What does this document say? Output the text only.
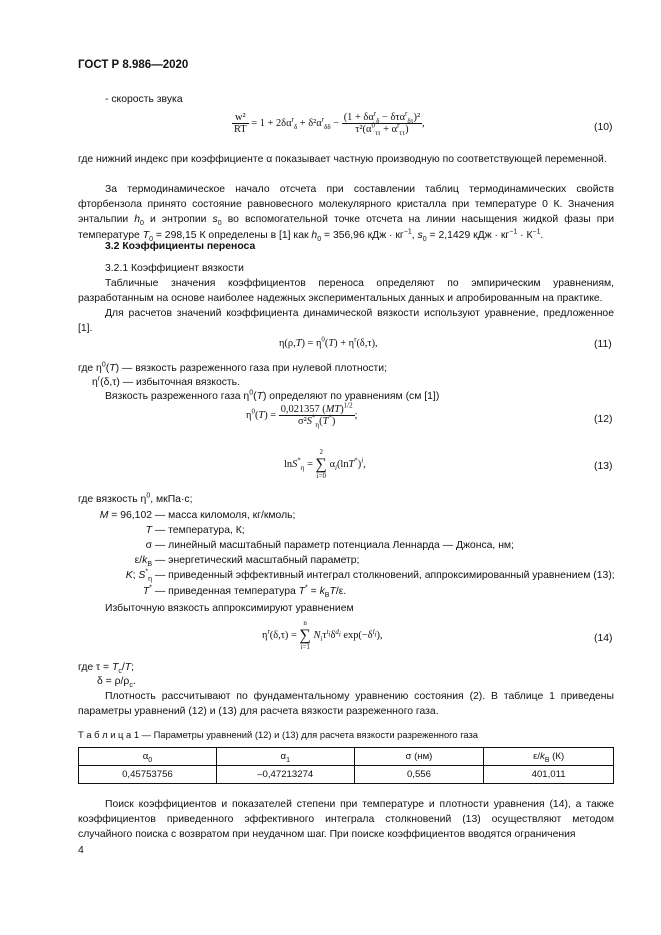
ГОСТ Р 8.986—2020
- скорость звука
$\frac{\text{w²}}{RT} = 1 + 2\delta\alpha^r_\delta + \delta^2\alpha^r_{\delta\delta} - \frac{(1 + \delta\alpha^r_\delta - \delta\tau\alpha^r_{\delta\tau})^2}{\tau^2(\alpha^0_{\tau\tau} + \alpha^r_{\tau\tau})}$ ,	(10)
где нижний индекс при коэффициенте α показывает частную производную по соответствующей переменной.
За термодинамическое начало отсчета при составлении таблиц термодинамических свойств фторбензола принято состояние равновесного молекулярного кристалла при температуре 0 К. Значения энтальпии $h_0$ и энтропии $s_0$ во вспомогательной точке отсчета на линии насыщения жидкой фазы при температуре $T_0 = 298,15$ К определены в [1] как $h_0 = 356,96$ кДж · $кг^{-1}$, $s_0 = 2,1429$ кДж · $кг^{-1} \cdot К^{-1}$.
3.2 Коэффициенты переноса
3.2.1 Коэффициент вязкости
Табличные значения коэффициентов переноса определяют по эмпирическим уравнениям, разработанным на основе наиболее надежных экспериментальных данных и апробированным на практике.
Для расчетов значений коэффициента динамической вязкости используют уравнение, предложенное [1].
$\eta(\rho,T) = \eta^0(T) + \eta^r(\delta,\tau)$,	(11)
где $\eta^0(T)$ — вязкость разреженного газа при нулевой плотности;
$\eta^r(\delta,\tau)$ — избыточная вязкость.
Вязкость разреженного газа $\eta^0(T)$ определяют по уравнениям (см [1])
$\eta^0(T) = \frac{0,021357 (MT)^{1/2}}{\sigma^2S^*_\eta(T^*)}$ ;	(12)
lnS*$_\eta$ =
2
∑
i=0
$\alpha_i(\ln T^*)^i$,	(13)
где вязкость $\eta^0$, мкПа·с;
M = 96,102 — масса киломоля, кг/кмоль;
T — температура, К;
σ — линейный масштабный параметр потенциала Леннарда — Джонса, нм;
$\varepsilon/k_B$ — энергетический масштабный параметр;
K; $S^*_\eta$ — приведенный эффективный интеграл столкновений, аппроксимированный уравнением (13);
T* — приведенная температура $T^* = k_BT/\varepsilon$.
Избыточную вязкость аппроксимируют уравнением
$\eta^r(\delta,\tau)$ =
n
∑
i=1
$N_i\tau^{t_i}\delta^{d_i}$ $\exp(-\delta^{l_i})$,	(14)
где $\tau = T_c/T$;
$\delta = \rho/\rho_c$.
Плотность рассчитывают по фундаментальному уравнению состояния (2). В таблице 1 приведены параметры уравнений (12) и (13) для расчета вязкости разреженного газа.
Т а б л и ц а 1 — Параметры уравнений (12) и (13) для расчета вязкости разреженного газа
$\alpha_0$	$\alpha_1$	σ (нм)	$\varepsilon/k_B$ (К)
0,45753756	–0,47213274	0,556	401,011
Поиск коэффициентов и показателей степени при температуре и плотности уравнения (14), а также коэффициентов приведенного эффективного интеграла столкновений (13) осуществляют методом случайного поиска с возвратом при неудачном шаг. При поиске коэффициентов вводятся ограничения
4
